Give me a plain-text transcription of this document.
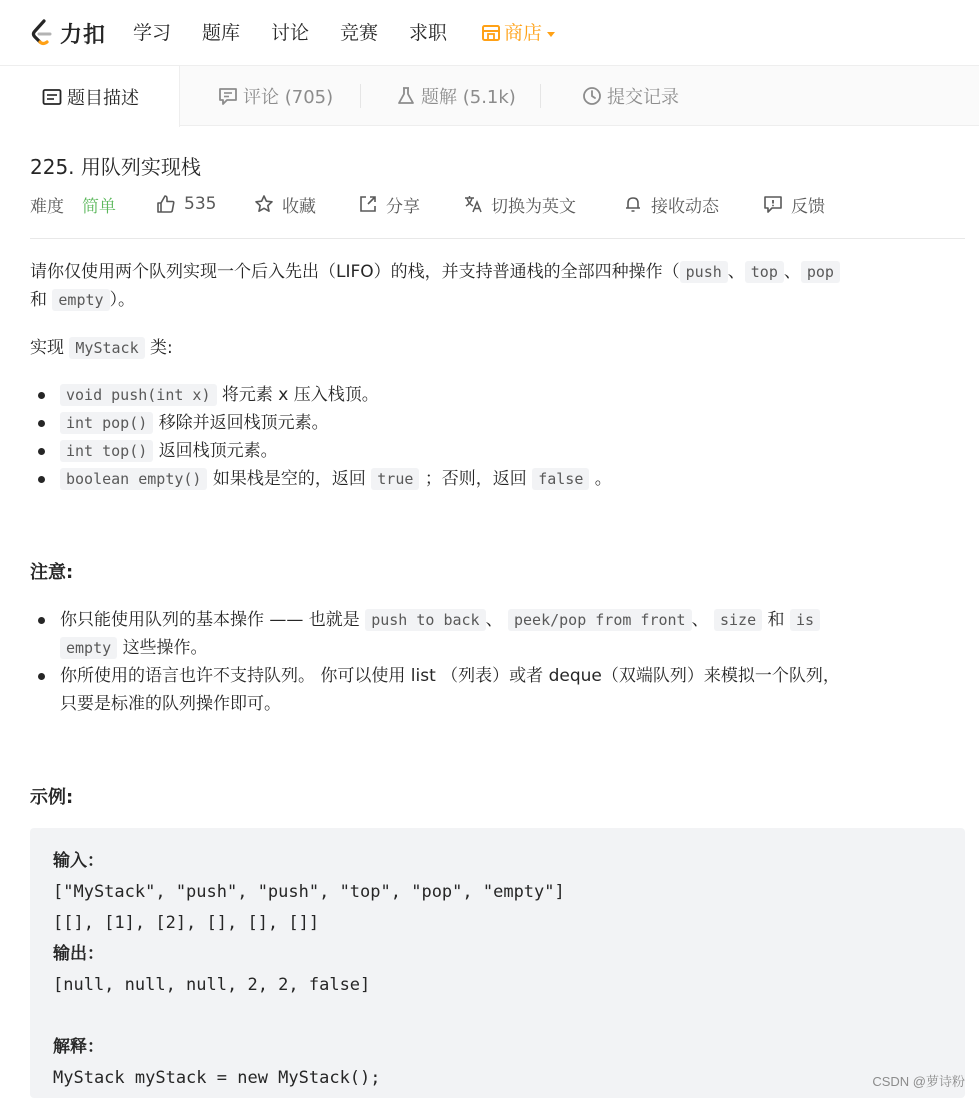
力扣 学习 题库 讨论 竞赛 求职	商店
题目描述	评论 (705)	题解 (5.1k)	提交记录
225. 用队列实现栈
难度 简单	535	收藏	分享	切换为英文	接收动态	反馈
请你仅使用两个队列实现一个后入先出（LIFO）的栈，并支持普通栈的全部四种操作（ push 、 top 、 pop
和 empty ）。
实现 MyStack 类:
void push(int x) 将元素 x 压入栈顶。
int pop() 移除并返回栈顶元素。
int top() 返回栈顶元素。
boolean empty() 如果栈是空的，返回 true ；否则，返回 false 。
注意:
你只能使用队列的基本操作 —— 也就是 push to back 、 peek/pop from front 、 size 和 is
empty 这些操作。
你所使用的语言也许不支持队列。 你可以使用 list （列表）或者 deque（双端队列）来模拟一个队列，
只要是标准的队列操作即可。
示例:
输入：
["MyStack", "push", "push", "top", "pop", "empty"]
[[], [1], [2], [], [], []]
输出：
[null, null, null, 2, 2, false]
解释：
MyStack myStack = new MyStack();	CSDN @萝诗粉
